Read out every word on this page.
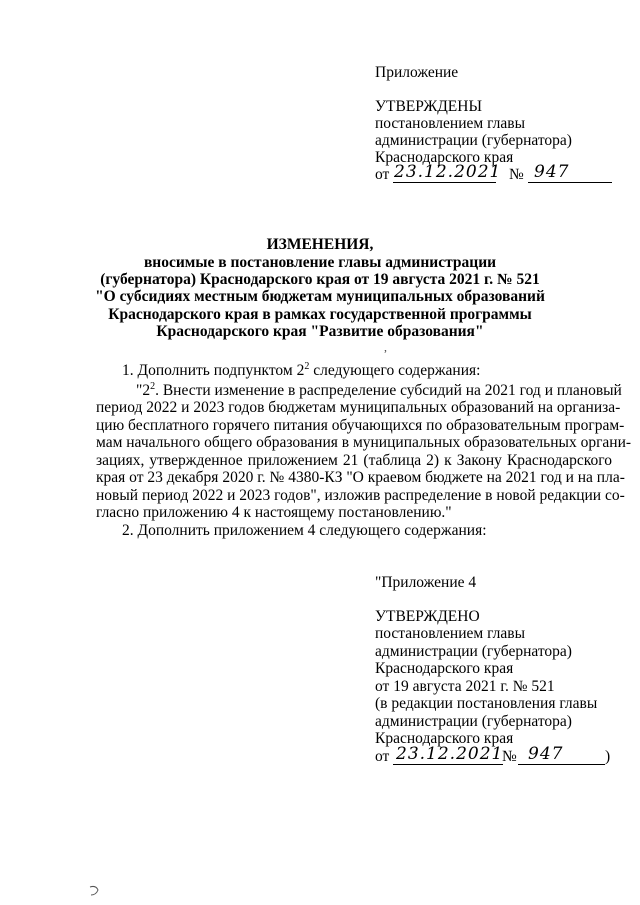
Приложение
УТВЕРЖДЕНЫ
постановлением главы
администрации (губернатора)
Краснодарского края
от 23.12.2021 № 947
ИЗМЕНЕНИЯ,
вносимые в постановление главы администрации
(губернатора) Краснодарского края от 19 августа 2021 г. № 521
"О субсидиях местным бюджетам муниципальных образований
Краснодарского края в рамках государственной программы
Краснодарского края "Развитие образования"
,
1. Дополнить подпунктом $2^2$ следующего содержания:
"$2^2$. Внести изменение в распределение субсидий на 2021 год и плановый
период 2022 и 2023 годов бюджетам муниципальных образований на организа-
цию бесплатного горячего питания обучающихся по образовательным програм-
мам начального общего образования в муниципальных образовательных органи-
зациях, утвержденное приложением 21 (таблица 2) к Закону Краснодарского
края от 23 декабря 2020 г. № 4380-КЗ "О краевом бюджете на 2021 год и на пла-
новый период 2022 и 2023 годов", изложив распределение в новой редакции со-
гласно приложению 4 к настоящему постановлению."
2. Дополнить приложением 4 следующего содержания:
"Приложение 4
УТВЕРЖДЕНО
постановлением главы
администрации (губернатора)
Краснодарского края
от 19 августа 2021 г. № 521
(в редакции постановления главы
администрации (губернатора)
Краснодарского края
от 23.12.2021
№ 947	)
